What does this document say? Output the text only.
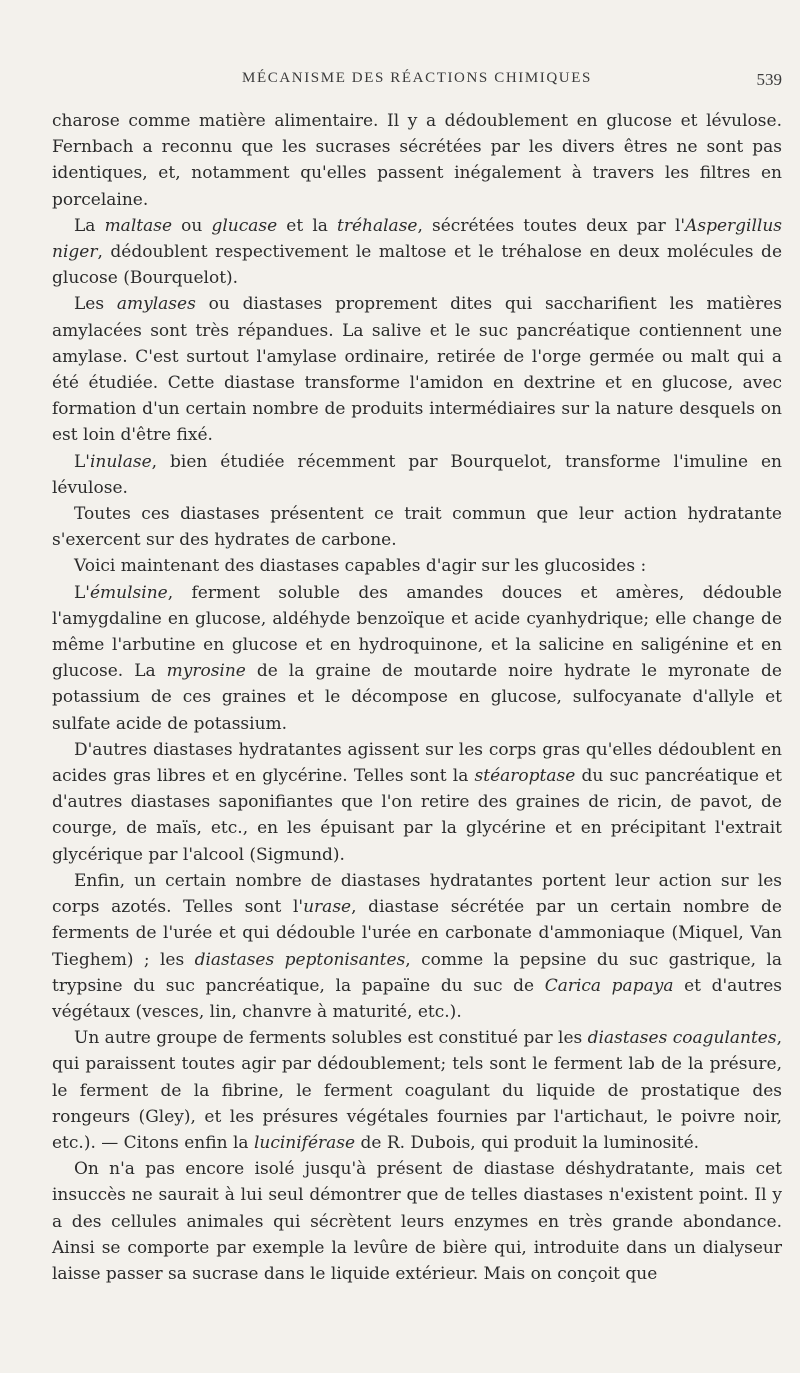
MÉCANISME DES RÉACTIONS CHIMIQUES	539

charose comme matière alimentaire. Il y a dédoublement en glucose et lévulose. Fernbach a reconnu que les sucrases sécrétées par les divers êtres ne sont pas identiques, et, notamment qu'elles passent inégalement à travers les filtres en porcelaine.

La maltase ou glucase et la tréhalase, sécrétées toutes deux par l'Aspergillus niger, dédoublent respectivement le maltose et le tréhalose en deux molécules de glucose (Bourquelot).

Les amylases ou diastases proprement dites qui saccharifient les matières amylacées sont très répandues. La salive et le suc pancréatique contiennent une amylase. C'est surtout l'amylase ordinaire, retirée de l'orge germée ou malt qui a été étudiée. Cette diastase transforme l'amidon en dextrine et en glucose, avec formation d'un certain nombre de produits intermédiaires sur la nature desquels on est loin d'être fixé.

L'inulase, bien étudiée récemment par Bourquelot, transforme l'imuline en lévulose.

Toutes ces diastases présentent ce trait commun que leur action hydratante s'exercent sur des hydrates de carbone.

Voici maintenant des diastases capables d'agir sur les glucosides :

L'émulsine, ferment soluble des amandes douces et amères, dédouble l'amygdaline en glucose, aldéhyde benzoïque et acide cyanhydrique; elle change de même l'arbutine en glucose et en hydroquinone, et la salicine en saligénine et en glucose. La myrosine de la graine de moutarde noire hydrate le myronate de potassium de ces graines et le décompose en glucose, sulfocyanate d'allyle et sulfate acide de potassium.

D'autres diastases hydratantes agissent sur les corps gras qu'elles dédoublent en acides gras libres et en glycérine. Telles sont la stéaroptase du suc pancréatique et d'autres diastases saponifiantes que l'on retire des graines de ricin, de pavot, de courge, de maïs, etc., en les épuisant par la glycérine et en précipitant l'extrait glycérique par l'alcool (Sigmund).

Enfin, un certain nombre de diastases hydratantes portent leur action sur les corps azotés. Telles sont l'urase, diastase sécrétée par un certain nombre de ferments de l'urée et qui dédouble l'urée en carbonate d'ammoniaque (Miquel, Van Tieghem) ; les diastases peptonisantes, comme la pepsine du suc gastrique, la trypsine du suc pancréatique, la papaïne du suc de Carica papaya et d'autres végétaux (vesces, lin, chanvre à maturité, etc.).

Un autre groupe de ferments solubles est constitué par les diastases coagulantes, qui paraissent toutes agir par dédoublement; tels sont le ferment lab de la présure, le ferment de la fibrine, le ferment coagulant du liquide de prostatique des rongeurs (Gley), et les présures végétales fournies par l'artichaut, le poivre noir, etc.). — Citons enfin la luciniférase de R. Dubois, qui produit la luminosité.

On n'a pas encore isolé jusqu'à présent de diastase déshydratante, mais cet insuccès ne saurait à lui seul démontrer que de telles diastases n'existent point. Il y a des cellules animales qui sécrètent leurs enzymes en très grande abondance. Ainsi se comporte par exemple la levûre de bière qui, introduite dans un dialyseur laisse passer sa sucrase dans le liquide extérieur. Mais on conçoit que
